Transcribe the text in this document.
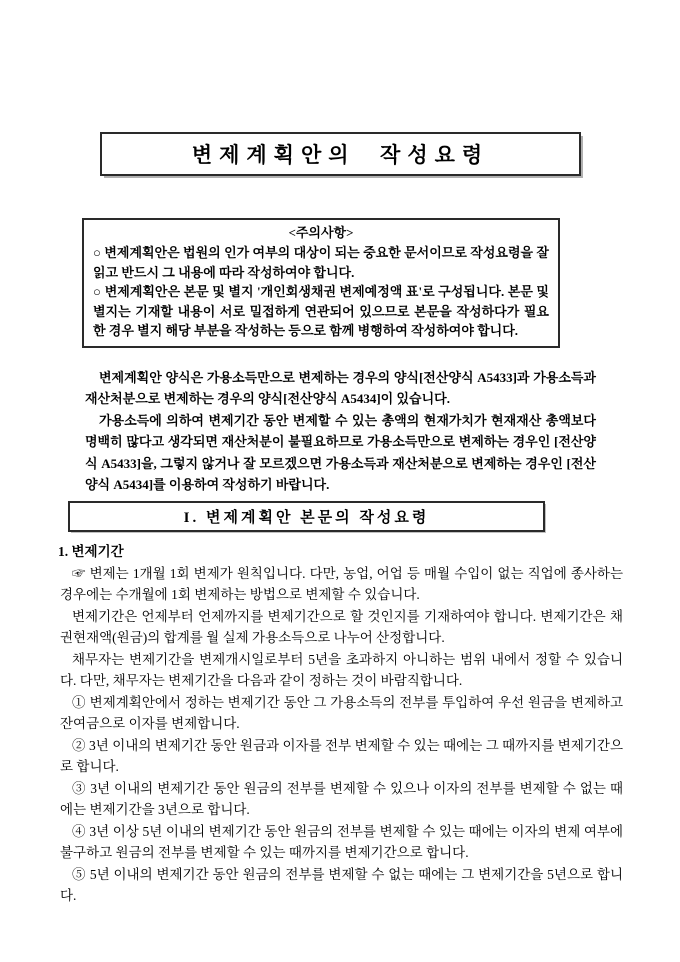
변제계획안의  작성요령
<주의사항>

○ 변제계획안은 법원의 인가 여부의 대상이 되는 중요한 문서이므로 작성요령을 잘 읽고 반드시 그 내용에 따라 작성하여야 합니다.

○ 변제계획안은 본문 및 별지 '개인회생채권 변제예정액 표'로 구성됩니다. 본문 및 별지는 기재할 내용이 서로 밀접하게 연관되어 있으므로 본문을 작성하다가 필요한 경우 별지 해당 부분을 작성하는 등으로 함께 병행하여 작성하여야 합니다.

변제계획안 양식은 가용소득만으로 변제하는 경우의 양식[전산양식 A5433]과 가용소득과 재산처분으로 변제하는 경우의 양식[전산양식 A5434]이 있습니다.

가용소득에 의하여 변제기간 동안 변제할 수 있는 총액의 현재가치가 현재재산 총액보다 명백히 많다고 생각되면 재산처분이 불필요하므로 가용소득만으로 변제하는 경우인 [전산양식 A5433]을, 그렇지 않거나 잘 모르겠으면 가용소득과 재산처분으로 변제하는 경우인 [전산양식 A5434]를 이용하여 작성하기 바랍니다.

I. 변제계획안 본문의 작성요령
1. 변제기간

☞ 변제는 1개월 1회 변제가 원칙입니다. 다만, 농업, 어업 등 매월 수입이 없는 직업에 종사하는 경우에는 수개월에 1회 변제하는 방법으로 변제할 수 있습니다.

변제기간은 언제부터 언제까지를 변제기간으로 할 것인지를 기재하여야 합니다. 변제기간은 채권현재액(원금)의 합계를 월 실제 가용소득으로 나누어 산정합니다.

채무자는 변제기간을 변제개시일로부터 5년을 초과하지 아니하는 범위 내에서 정할 수 있습니다. 다만, 채무자는 변제기간을 다음과 같이 정하는 것이 바람직합니다.

① 변제계획안에서 정하는 변제기간 동안 그 가용소득의 전부를 투입하여 우선 원금을 변제하고 잔여금으로 이자를 변제합니다.

② 3년 이내의 변제기간 동안 원금과 이자를 전부 변제할 수 있는 때에는 그 때까지를 변제기간으로 합니다.

③ 3년 이내의 변제기간 동안 원금의 전부를 변제할 수 있으나 이자의 전부를 변제할 수 없는 때에는 변제기간을 3년으로 합니다.

④ 3년 이상 5년 이내의 변제기간 동안 원금의 전부를 변제할 수 있는 때에는 이자의 변제 여부에 불구하고 원금의 전부를 변제할 수 있는 때까지를 변제기간으로 합니다.

⑤ 5년 이내의 변제기간 동안 원금의 전부를 변제할 수 없는 때에는 그 변제기간을 5년으로 합니다.
